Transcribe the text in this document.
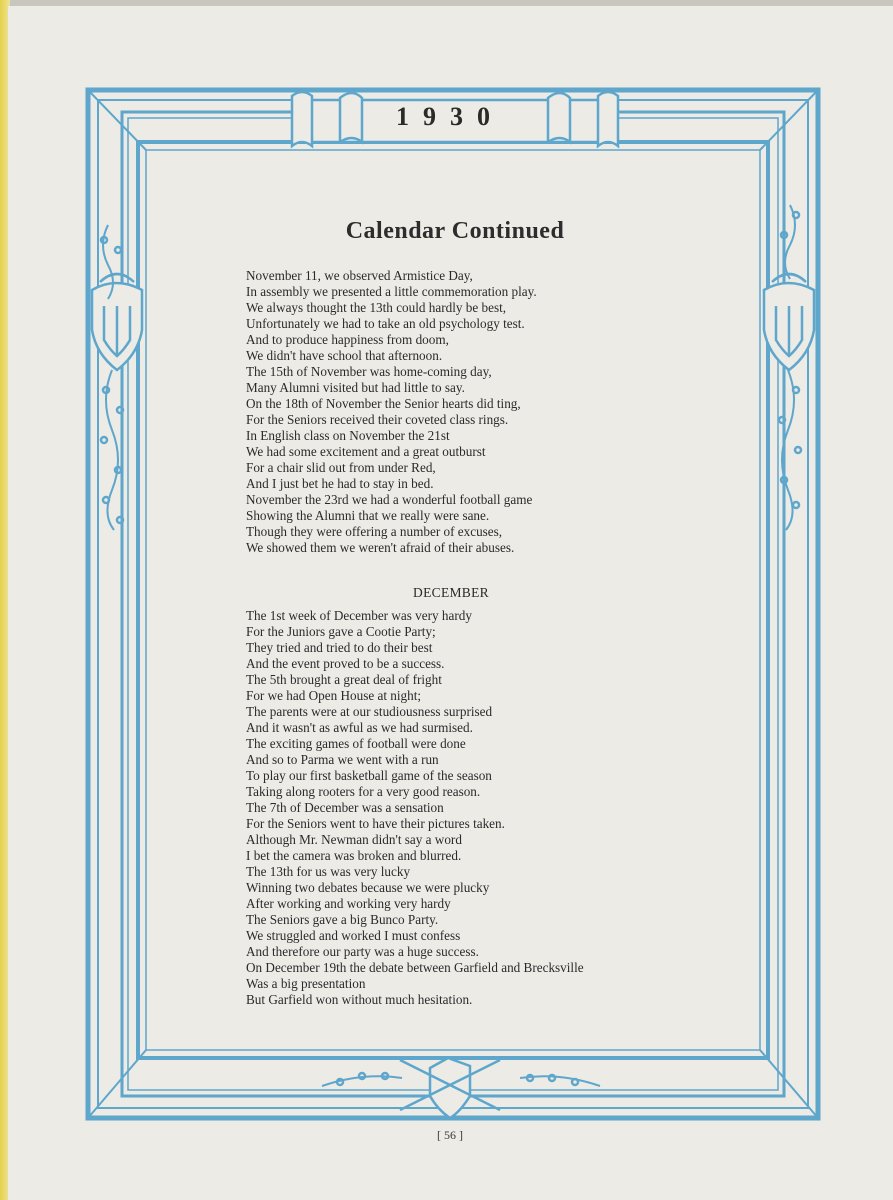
1930
Calendar Continued
November 11, we observed Armistice Day,
In assembly we presented a little commemoration play.
We always thought the 13th could hardly be best,
Unfortunately we had to take an old psychology test.
And to produce happiness from doom,
We didn't have school that afternoon.
The 15th of November was home-coming day,
Many Alumni visited but had little to say.
On the 18th of November the Senior hearts did ting,
For the Seniors received their coveted class rings.
In English class on November the 21st
We had some excitement and a great outburst
For a chair slid out from under Red,
And I just bet he had to stay in bed.
November the 23rd we had a wonderful football game
Showing the Alumni that we really were sane.
Though they were offering a number of excuses,
We showed them we weren't afraid of their abuses.
DECEMBER
The 1st week of December was very hardy
For the Juniors gave a Cootie Party;
They tried and tried to do their best
And the event proved to be a success.
The 5th brought a great deal of fright
For we had Open House at night;
The parents were at our studiousness surprised
And it wasn't as awful as we had surmised.
The exciting games of football were done
And so to Parma we went with a run
To play our first basketball game of the season
Taking along rooters for a very good reason.
The 7th of December was a sensation
For the Seniors went to have their pictures taken.
Although Mr. Newman didn't say a word
I bet the camera was broken and blurred.
The 13th for us was very lucky
Winning two debates because we were plucky
After working and working very hardy
The Seniors gave a big Bunco Party.
We struggled and worked I must confess
And therefore our party was a huge success.
On December 19th the debate between Garfield and Brecksville
Was a big presentation
But Garfield won without much hesitation.
[ 56 ]
